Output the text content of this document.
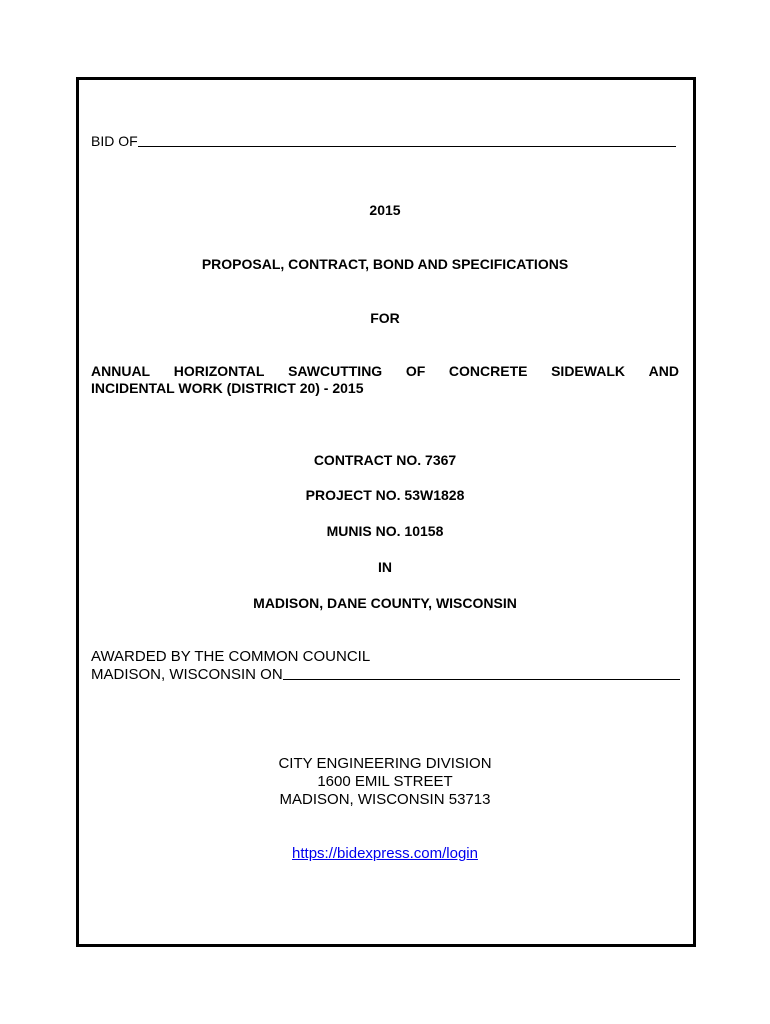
BID OF
2015
PROPOSAL, CONTRACT, BOND AND SPECIFICATIONS
FOR
ANNUAL HORIZONTAL SAWCUTTING OF CONCRETE SIDEWALK AND
INCIDENTAL WORK (DISTRICT 20) - 2015
CONTRACT NO. 7367
PROJECT NO. 53W1828
MUNIS NO. 10158
IN
MADISON, DANE COUNTY, WISCONSIN
AWARDED BY THE COMMON COUNCIL
MADISON, WISCONSIN ON
CITY ENGINEERING DIVISION
1600 EMIL STREET
MADISON, WISCONSIN 53713
https://bidexpress.com/login
